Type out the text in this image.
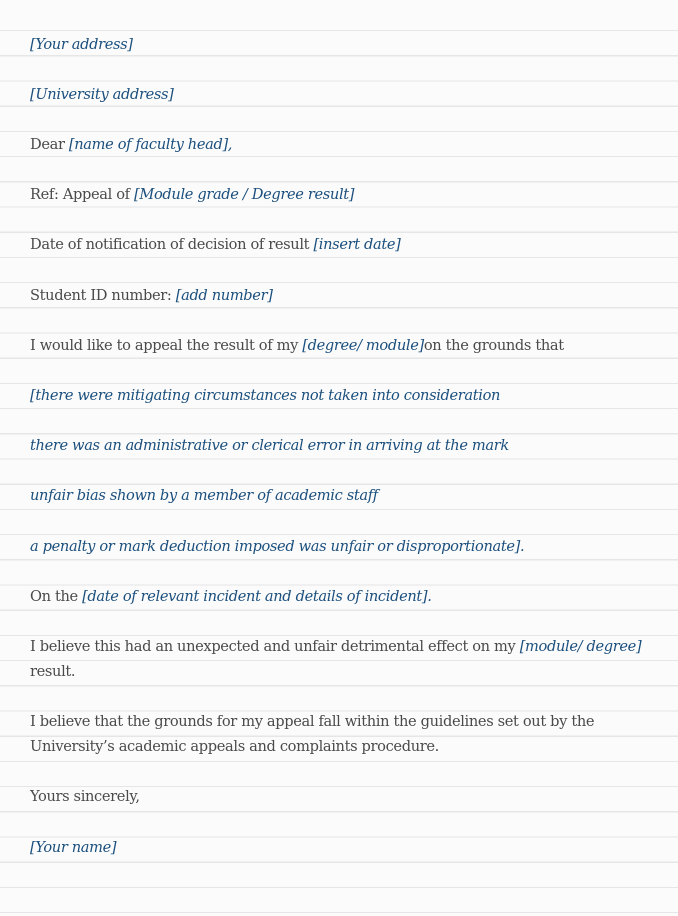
[Your address]
[University address]
Dear [name of faculty head],
Ref: Appeal of [Module grade / Degree result]
Date of notification of decision of result [insert date]
Student ID number: [add number]
I would like to appeal the result of my [degree/ module]on the grounds that
[there were mitigating circumstances not taken into consideration
there was an administrative or clerical error in arriving at the mark
unfair bias shown by a member of academic staff
a penalty or mark deduction imposed was unfair or disproportionate].
On the [date of relevant incident and details of incident].
I believe this had an unexpected and unfair detrimental effect on my [module/ degree]
result.
I believe that the grounds for my appeal fall within the guidelines set out by the
University’s academic appeals and complaints procedure.
Yours sincerely,
[Your name]
